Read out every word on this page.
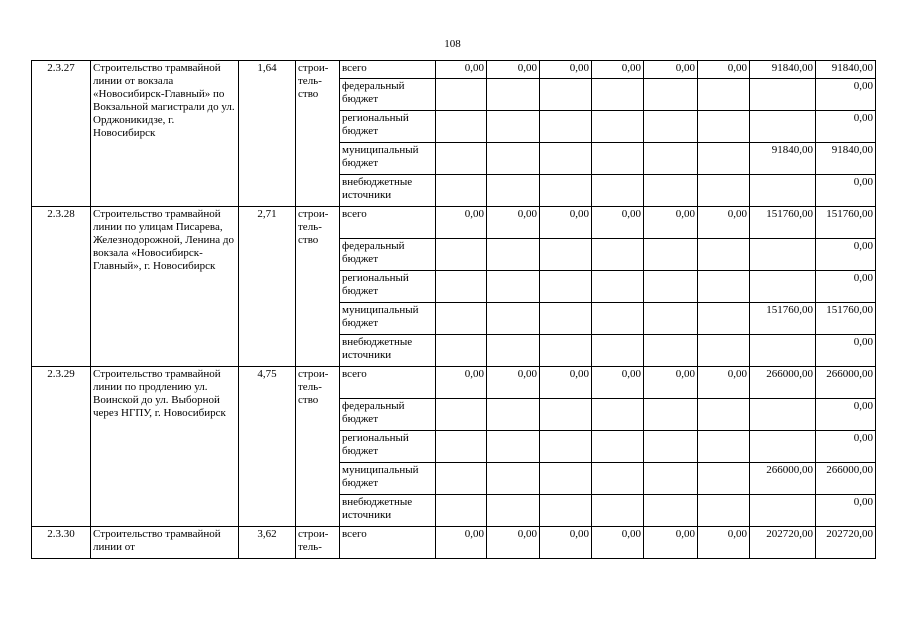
108
2.3.27	Строительство трамвайной линии от вокзала «Новосибирск-Главный» по Вокзальной магистрали до ул. Орджоникидзе, г. Новосибирск	1,64	строи-тель-ство	всего	0,00	0,00	0,00	0,00	0,00	0,00	91840,00	91840,00
				федеральный бюджет								0,00
				региональный бюджет								0,00
				муниципальный бюджет							91840,00	91840,00
				внебюджетные источники								0,00
2.3.28	Строительство трамвайной линии по улицам Писарева, Железнодорожной, Ленина до вокзала «Новосибирск-Главный», г. Новосибирск	2,71	строи-тель-ство	всего	0,00	0,00	0,00	0,00	0,00	0,00	151760,00	151760,00
				федеральный бюджет								0,00
				региональный бюджет								0,00
				муниципальный бюджет							151760,00	151760,00
				внебюджетные источники								0,00
2.3.29	Строительство трамвайной линии по продлению ул. Воинской до ул. Выборной через НГПУ, г. Новосибирск	4,75	строи-тель-ство	всего	0,00	0,00	0,00	0,00	0,00	0,00	266000,00	266000,00
				федеральный бюджет								0,00
				региональный бюджет								0,00
				муниципальный бюджет							266000,00	266000,00
				внебюджетные источники								0,00
2.3.30	Строительство трамвайной линии от	3,62	строи-тель-	всего	0,00	0,00	0,00	0,00	0,00	0,00	202720,00	202720,00
